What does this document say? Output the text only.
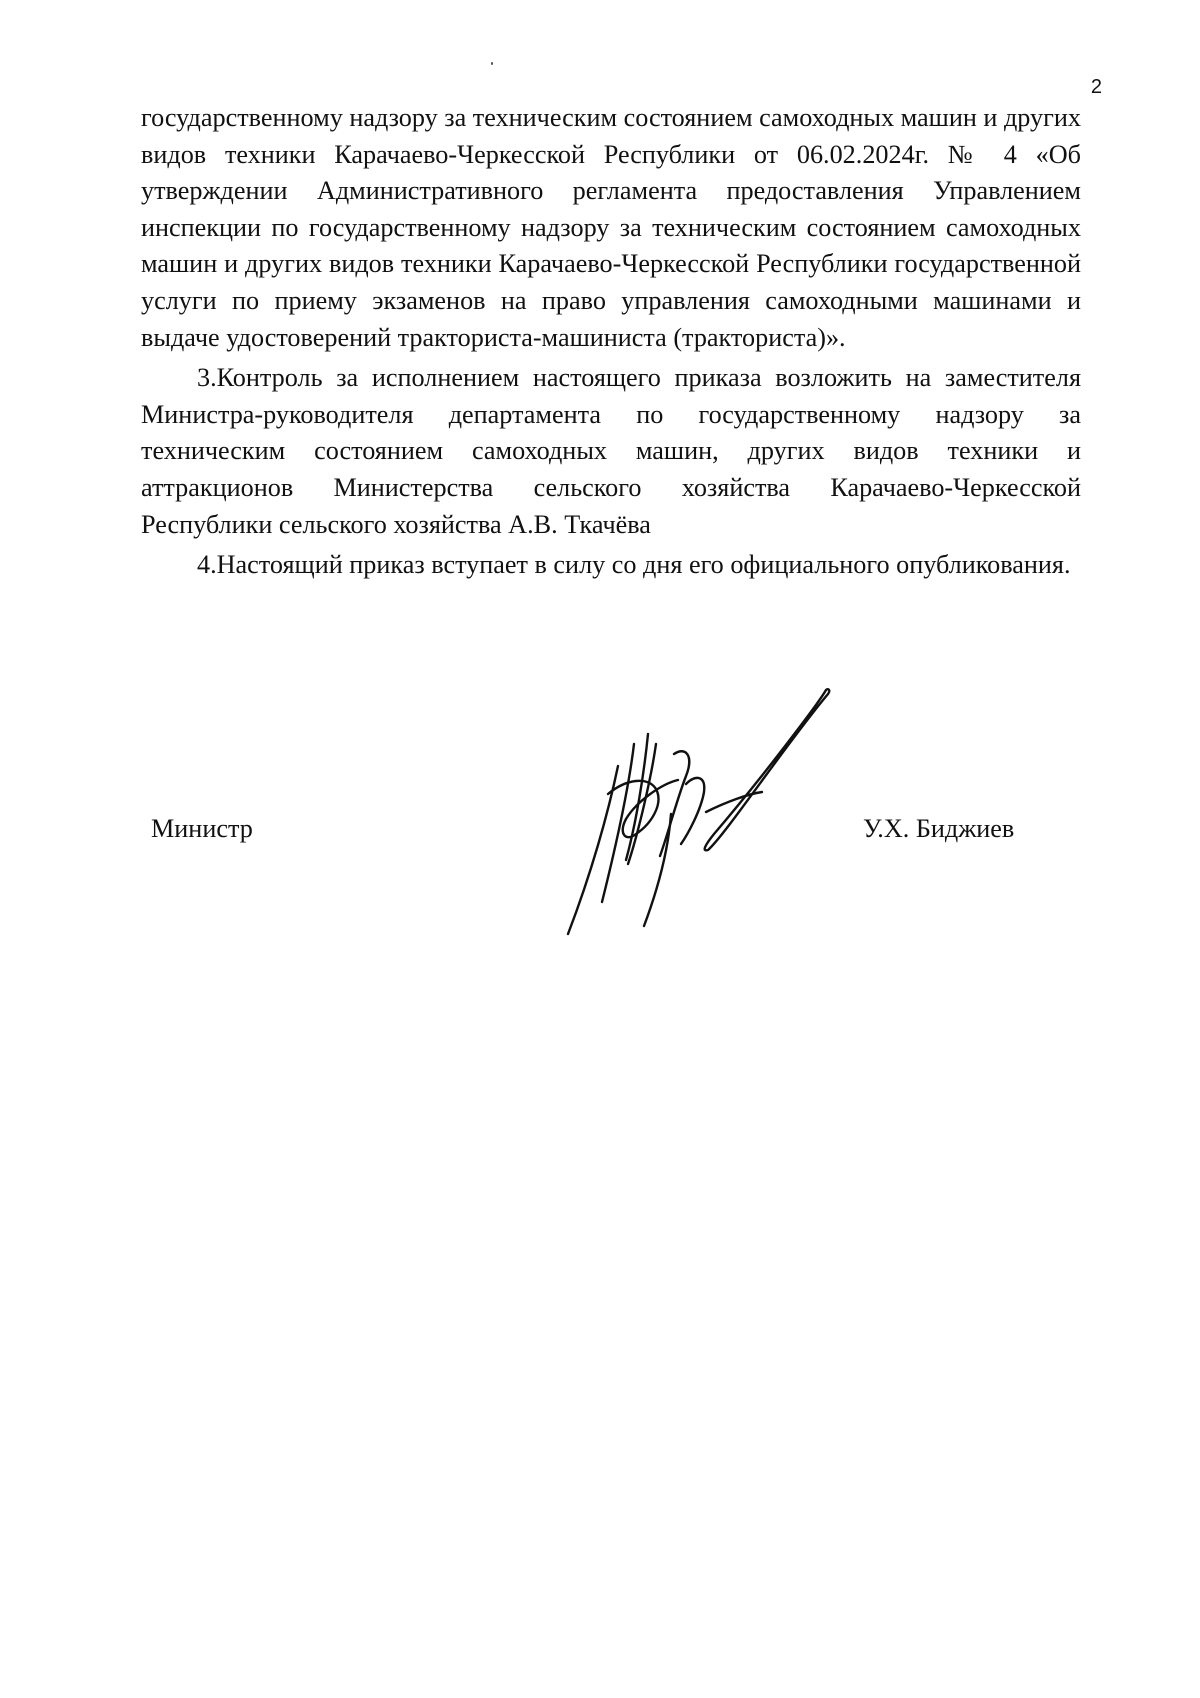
2

государственному надзору за техническим состоянием самоходных машин и других видов техники Карачаево-Черкесской Республики от 06.02.2024г. № 4 «Об утверждении Административного регламента предоставления Управлением инспекции по государственному надзору за техническим состоянием самоходных машин и других видов техники Карачаево-Черкесской Республики государственной услуги по приему экзаменов на право управления самоходными машинами и выдаче удостоверений тракториста-машиниста (тракториста)».

3.Контроль за исполнением настоящего приказа возложить на заместителя Министра-руководителя департамента по государственному надзору за техническим состоянием самоходных машин, других видов техники и аттракционов Министерства сельского хозяйства Карачаево-Черкесской Республики сельского хозяйства А.В. Ткачёва

4.Настоящий приказ вступает в силу со дня его официального опубликования.

Министр	У.Х. Биджиев
